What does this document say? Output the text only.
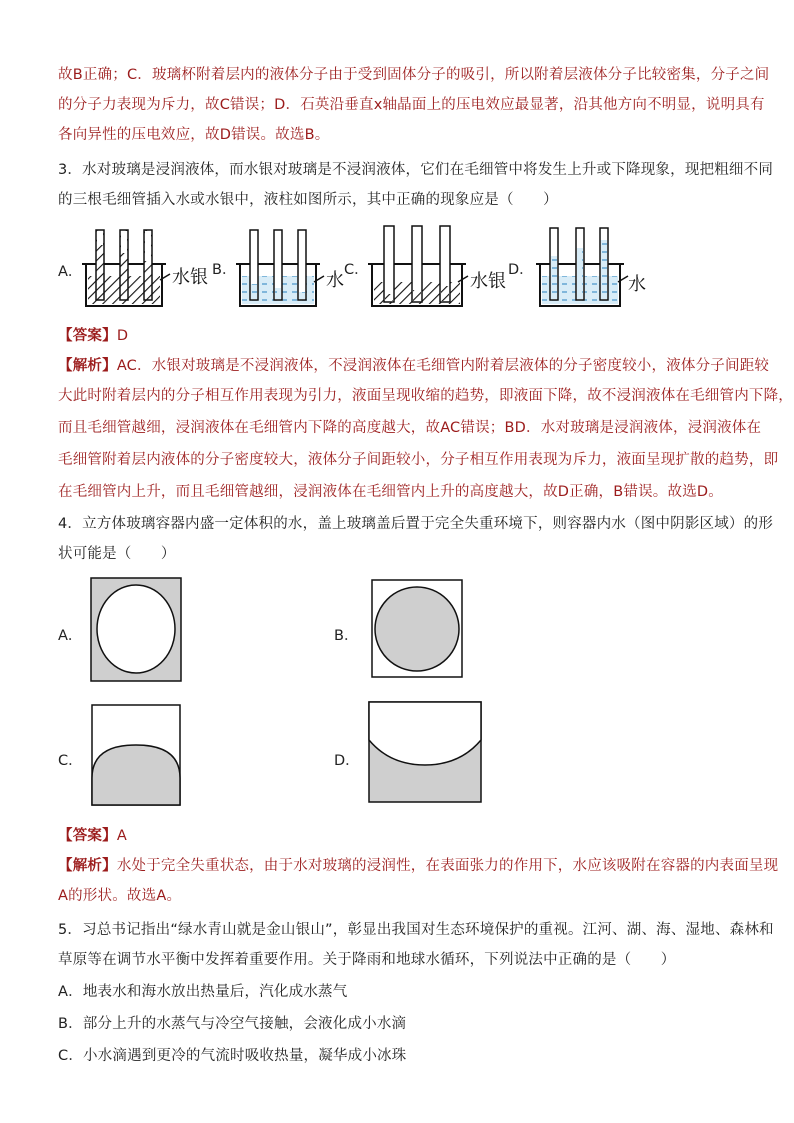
故B正确；C．玻璃杯附着层内的液体分子由于受到固体分子的吸引，所以附着层液体分子比较密集，分子之间
的分子力表现为斥力，故C错误；D．石英沿垂直x轴晶面上的压电效应最显著，沿其他方向不明显，说明具有
各向异性的压电效应，故D错误。故选B。
3．水对玻璃是浸润液体，而水银对玻璃是不浸润液体，它们在毛细管中将发生上升或下降现象，现把粗细不同
的三根毛细管插入水或水银中，液柱如图所示，其中正确的现象应是（　　）
A．	B．	C．	D．
水银	水	水银	水
【答案】D
【解析】AC．水银对玻璃是不浸润液体，不浸润液体在毛细管内附着层液体的分子密度较小，液体分子间距较
大此时附着层内的分子相互作用表现为引力，液面呈现收缩的趋势，即液面下降，故不浸润液体在毛细管内下降，
而且毛细管越细，浸润液体在毛细管内下降的高度越大，故AC错误；BD．水对玻璃是浸润液体，浸润液体在
毛细管附着层内液体的分子密度较大，液体分子间距较小，分子相互作用表现为斥力，液面呈现扩散的趋势，即
在毛细管内上升，而且毛细管越细，浸润液体在毛细管内上升的高度越大，故D正确，B错误。故选D。
4．立方体玻璃容器内盛一定体积的水，盖上玻璃盖后置于完全失重环境下，则容器内水（图中阴影区域）的形
状可能是（　　）
A．	B．
C．	D．
【答案】A
【解析】水处于完全失重状态，由于水对玻璃的浸润性，在表面张力的作用下，水应该吸附在容器的内表面呈现
A的形状。故选A。
5．习总书记指出“绿水青山就是金山银山”，彰显出我国对生态环境保护的重视。江河、湖、海、湿地、森林和
草原等在调节水平衡中发挥着重要作用。关于降雨和地球水循环，下列说法中正确的是（　　）
A．地表水和海水放出热量后，汽化成水蒸气
B．部分上升的水蒸气与冷空气接触，会液化成小水滴
C．小水滴遇到更冷的气流时吸收热量，凝华成小冰珠
